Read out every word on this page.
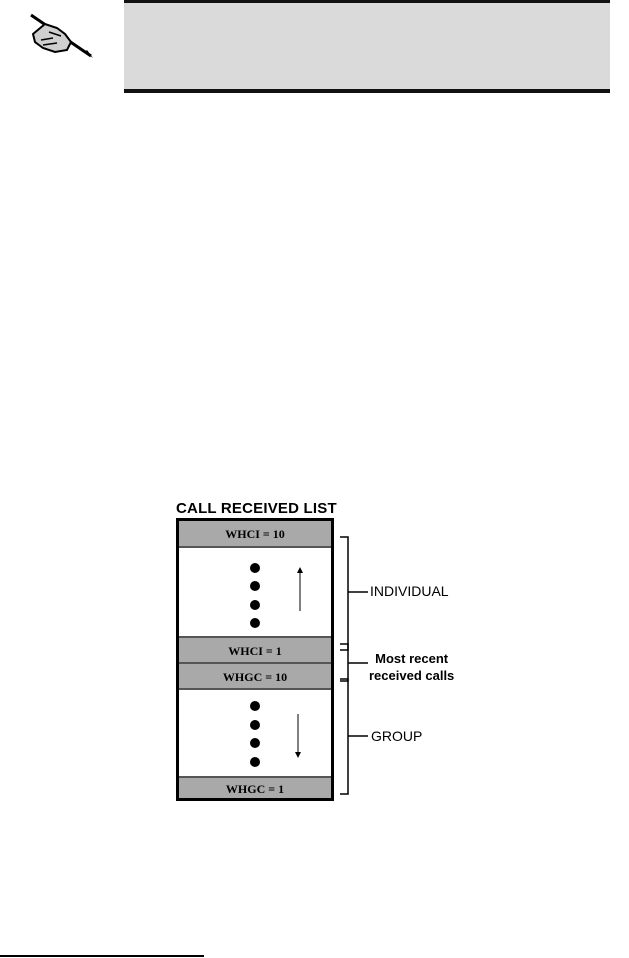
CALL RECEIVED LIST
WHCI = 10
WHCI = 1
WHGC = 10
WHGC = 1
INDIVIDUAL
Most recent
received calls
GROUP
